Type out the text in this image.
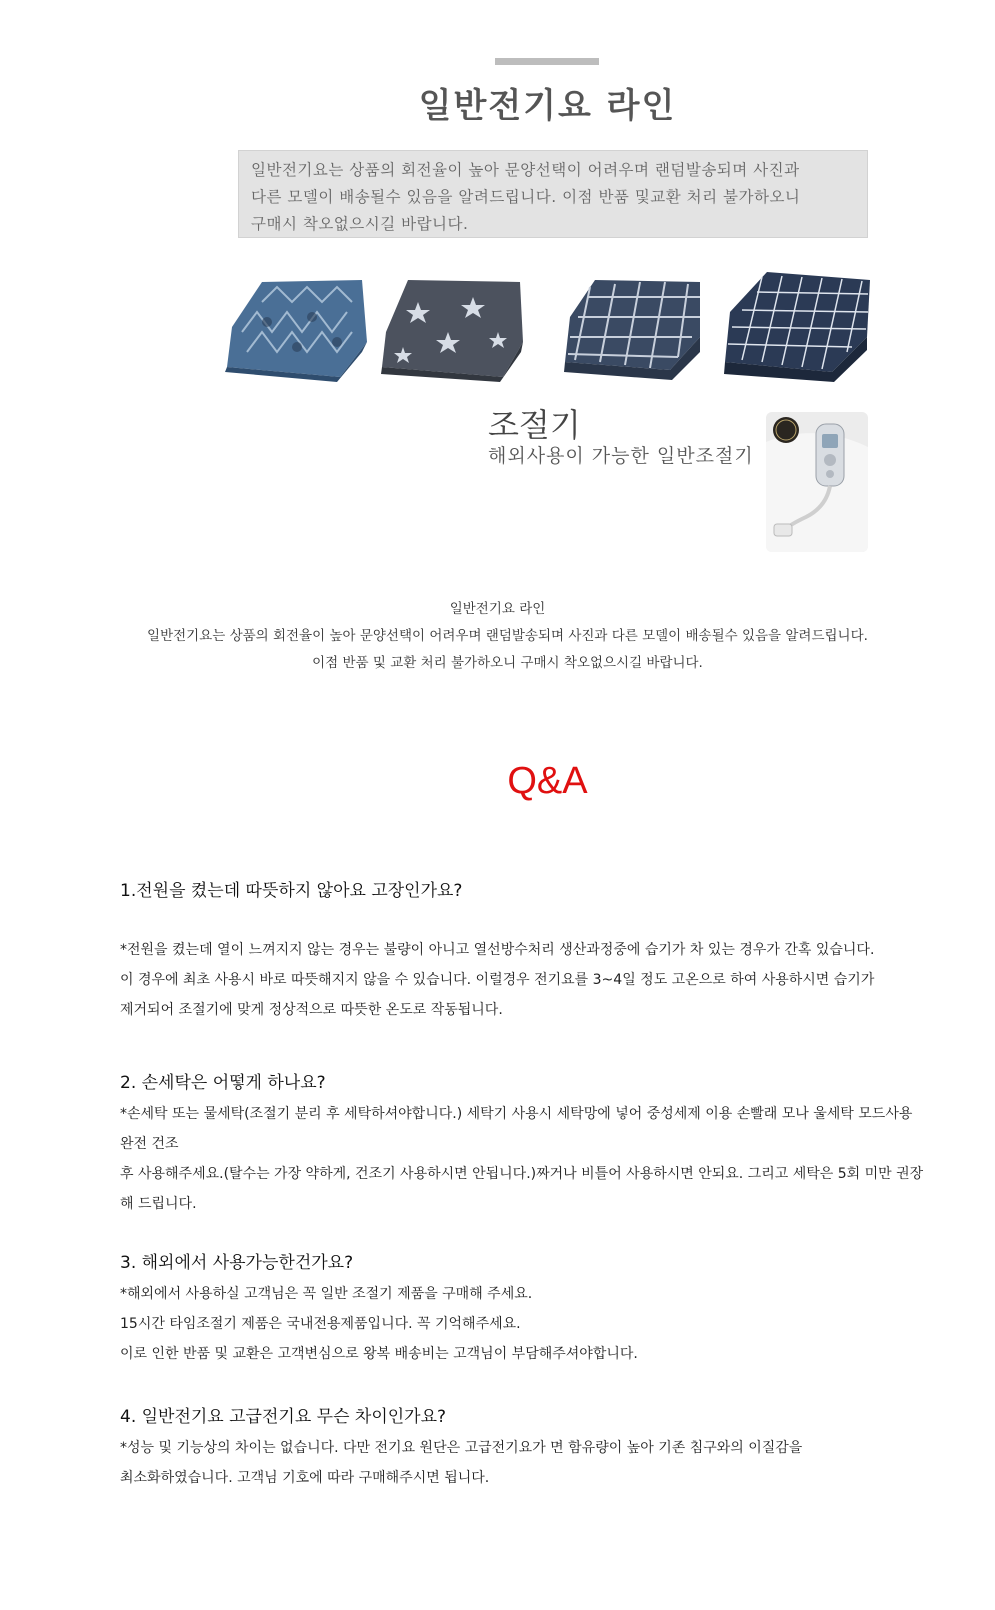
일반전기요 라인
일반전기요는 상품의 회전율이 높아 문양선택이 어려우며 랜덤발송되며 사진과
다른 모델이 배송될수 있음을 알려드립니다. 이점 반품 및교환 처리 불가하오니
구매시 착오없으시길 바랍니다.
조절기
해외사용이 가능한 일반조절기
일반전기요 라인
일반전기요는 상품의 회전율이 높아 문양선택이 어려우며 랜덤발송되며 사진과 다른 모델이 배송될수 있음을 알려드립니다.
이점 반품 및 교환 처리 불가하오니 구매시 착오없으시길 바랍니다.
Q&A
1.전원을 켰는데 따뜻하지 않아요 고장인가요?
*전원을 켰는데 열이 느껴지지 않는 경우는 불량이 아니고 열선방수처리 생산과정중에 습기가 차 있는 경우가 간혹 있습니다.
이 경우에 최초 사용시 바로 따뜻해지지 않을 수 있습니다. 이럴경우 전기요를 3~4일 정도 고온으로 하여 사용하시면 습기가
제거되어 조절기에 맞게 정상적으로 따뜻한 온도로 작동됩니다.
2. 손세탁은 어떻게 하나요?
*손세탁 또는 물세탁(조절기 분리 후 세탁하셔야합니다.) 세탁기 사용시 세탁망에 넣어 중성세제 이용 손빨래 모나 울세탁 모드사용
완전 건조
후 사용해주세요.(탈수는 가장 약하게, 건조기 사용하시면 안됩니다.)짜거나 비틀어 사용하시면 안되요. 그리고 세탁은 5회 미만 권장
해 드립니다.
3. 해외에서 사용가능한건가요?
*해외에서 사용하실 고객님은 꼭 일반 조절기 제품을 구매해 주세요.
15시간 타임조절기 제품은 국내전용제품입니다. 꼭 기억해주세요.
이로 인한 반품 및 교환은 고객변심으로 왕복 배송비는 고객님이 부담해주셔야합니다.
4. 일반전기요 고급전기요 무슨 차이인가요?
*성능 및 기능상의 차이는 없습니다. 다만 전기요 원단은 고급전기요가 면 함유량이 높아 기존 침구와의 이질감을
최소화하였습니다. 고객님 기호에 따라 구매해주시면 됩니다.
